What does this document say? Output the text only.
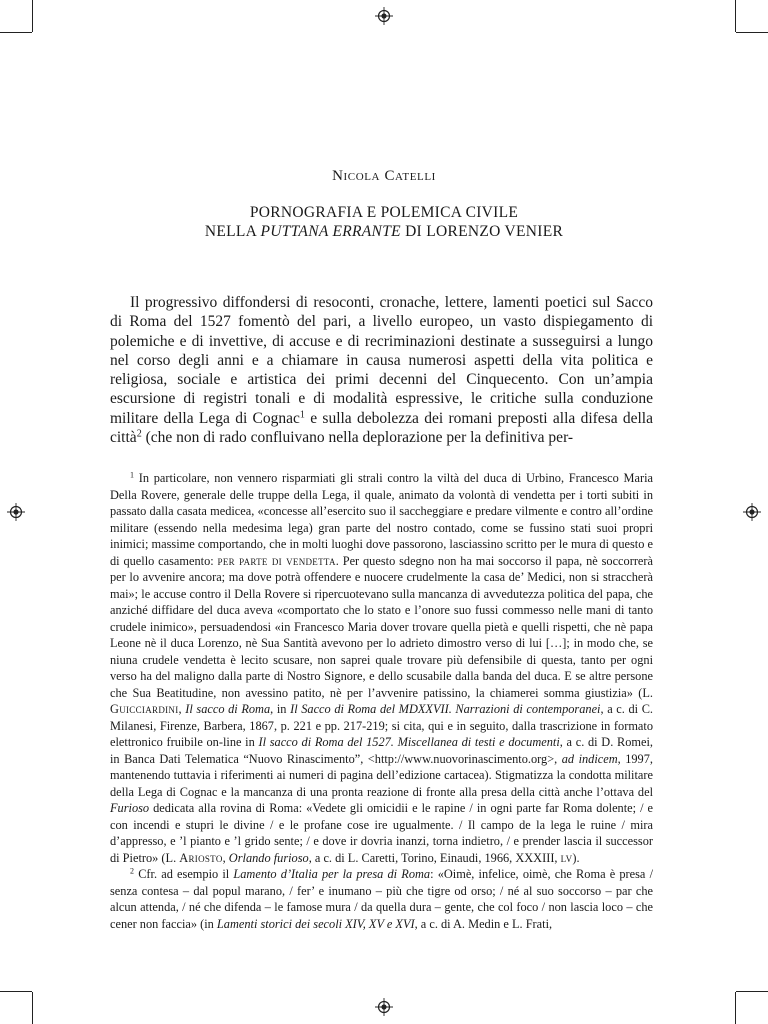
Nicola Catelli
PORNOGRAFIA E POLEMICA CIVILE
NELLA PUTTANA ERRANTE DI LORENZO VENIER

Il progressivo diffondersi di resoconti, cronache, lettere, lamenti poetici sul Sacco di Roma del 1527 fomentò del pari, a livello europeo, un vasto dispiegamento di polemiche e di invettive, di accuse e di recriminazioni destinate a susseguirsi a lungo nel corso degli anni e a chiamare in causa numerosi aspetti della vita politica e religiosa, sociale e artistica dei primi decenni del Cinquecento. Con un’ampia escursione di registri tonali e di modalità espressive, le critiche sulla conduzione militare della Lega di Cognac$^1$ e sulla debolezza dei romani preposti alla difesa della città$^2$ (che non di rado confluivano nella deplorazione per la definitiva per-

$^1$ In particolare, non vennero risparmiati gli strali contro la viltà del duca di Urbino, Francesco Maria Della Rovere, generale delle truppe della Lega, il quale, animato da volontà di vendetta per i torti subiti in passato dalla casata medicea, «concesse all’esercito suo il saccheggiare e predare vilmente e contro all’ordine militare (essendo nella medesima lega) gran parte del nostro contado, come se fussino stati suoi propri inimici; massime comportando, che in molti luoghi dove passorono, lasciassino scritto per le mura di questo e di quello casamento: per parte di vendetta. Per questo sdegno non ha mai soccorso il papa, nè soccorrerà per lo avvenire ancora; ma dove potrà offendere e nuocere crudelmente la casa de’ Medici, non si straccherà mai»; le accuse contro il Della Rovere si ripercuotevano sulla mancanza di avvedutezza politica del papa, che anziché diffidare del duca aveva «comportato che lo stato e l’onore suo fussi commesso nelle mani di tanto crudele inimico», persuadendosi «in Francesco Maria dover trovare quella pietà e quelli rispetti, che nè papa Leone nè il duca Lorenzo, nè Sua Santità avevono per lo adrieto dimostro verso di lui […]; in modo che, se niuna crudele vendetta è lecito scusare, non saprei quale trovare più defensibile di questa, tanto per ogni verso ha del maligno dalla parte di Nostro Signore, e dello scusabile dalla banda del duca. E se altre persone che Sua Beatitudine, non avessino patito, nè per l’avvenire patissino, la chiamerei somma giustizia» (L. Guicciardini, Il sacco di Roma, in Il Sacco di Roma del MDXXVII. Narrazioni di contemporanei, a c. di C. Milanesi, Firenze, Barbera, 1867, p. 221 e pp. 217-219; si cita, qui e in seguito, dalla trascrizione in formato elettronico fruibile on-line in Il sacco di Roma del 1527. Miscellanea di testi e documenti, a c. di D. Romei, in Banca Dati Telematica “Nuovo Rinascimento”, <http://www.nuovorinascimento.org>, ad indicem, 1997, mantenendo tuttavia i riferimenti ai numeri di pagina dell’edizione cartacea). Stigmatizza la condotta militare della Lega di Cognac e la mancanza di una pronta reazione di fronte alla presa della città anche l’ottava del Furioso dedicata alla rovina di Roma: «Vedete gli omicidii e le rapine / in ogni parte far Roma dolente; / e con incendi e stupri le divine / e le profane cose ire ugualmente. / Il campo de la lega le ruine / mira d’appresso, e ’l pianto e ’l grido sente; / e dove ir dovria inanzi, torna indietro, / e prender lascia il successor di Pietro» (L. Ariosto, Orlando furioso, a c. di L. Caretti, Torino, Einaudi, 1966, XXXIII, lv).

$^2$ Cfr. ad esempio il Lamento d’Italia per la presa di Roma: «Oimè, infelice, oimè, che Roma è presa / senza contesa – dal popul marano, / fer’ e inumano – più che tigre od orso; / né al suo soccorso – par che alcun attenda, / né che difenda – le famose mura / da quella dura – gente, che col foco / non lascia loco – che cener non faccia» (in Lamenti storici dei secoli XIV, XV e XVI, a c. di A. Medin e L. Frati,
